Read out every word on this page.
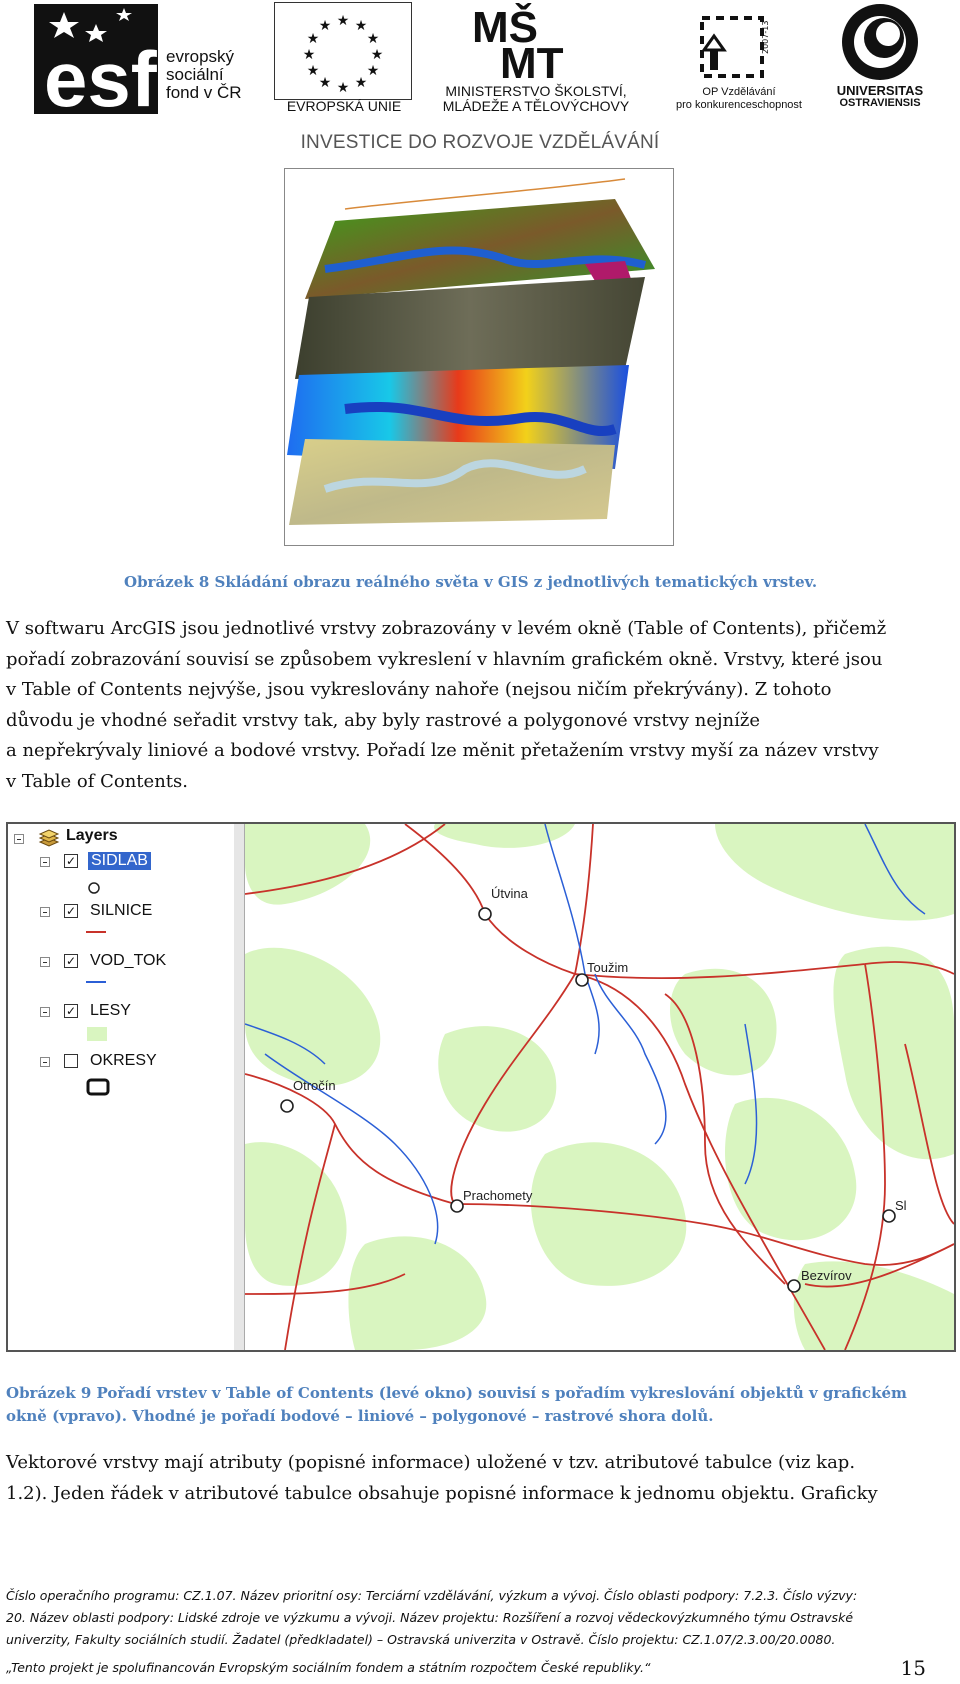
esf evropský
sociální
fond v ČR
★ ★
★
★
★
★
★
★
★
★
★
★
EVROPSKÁ UNIE
MŠ
MT
MINISTERSTVO ŠKOLSTVÍ,
MLÁDEŽE A TĚLOVÝCHOVY
2007-13
OP Vzdělávání
pro konkurenceschopnost
UNIVERSITAS
OSTRAVIENSIS
INVESTICE DO ROZVOJE VZDĚLÁVÁNÍ
Obrázek 8 Skládání obrazu reálného světa v GIS z jednotlivých tematických vrstev.

V softwaru ArcGIS jsou jednotlivé vrstvy zobrazovány v levém okně (Table of Contents), přičemž

pořadí zobrazování souvisí se způsobem vykreslení v hlavním grafickém okně. Vrstvy, které jsou

v Table of Contents nejvýše, jsou vykreslovány nahoře (nejsou ničím překrývány). Z tohoto

důvodu je vhodné seřadit vrstvy tak, aby byly rastrové a polygonové vrstvy nejníže

a nepřekrývaly liniové a bodové vrstvy. Pořadí lze měnit přetažením vrstvy myší za název vrstvy

v Table of Contents.

Layers
✓ SIDLAB
✓ SILNICE
✓ VOD_TOK
✓ LESY
OKRESY
Útvina
Toužim
Otročín
Prachomety
Bezvírov
Sl
Obrázek 9 Pořadí vrstev v Table of Contents (levé okno) souvisí s pořadím vykreslování objektů v grafickém
okně (vpravo). Vhodné je pořadí bodové – liniové – polygonové – rastrové shora dolů.

Vektorové vrstvy mají atributy (popisné informace) uložené v tzv. atributové tabulce (viz kap.

1.2). Jeden řádek v atributové tabulce obsahuje popisné informace k jednomu objektu. Graficky

Číslo operačního programu: CZ.1.07. Název prioritní osy: Terciární vzdělávání, výzkum a vývoj. Číslo oblasti podpory: 7.2.3. Číslo výzvy:
20. Název oblasti podpory: Lidské zdroje ve výzkumu a vývoji. Název projektu: Rozšíření a rozvoj vědeckovýzkumného týmu Ostravské
univerzity, Fakulty sociálních studií. Žadatel (předkladatel) – Ostravská univerzita v Ostravě. Číslo projektu: CZ.1.07/2.3.00/20.0080.
„Tento projekt je spolufinancován Evropským sociálním fondem a státním rozpočtem České republiky.“	15
